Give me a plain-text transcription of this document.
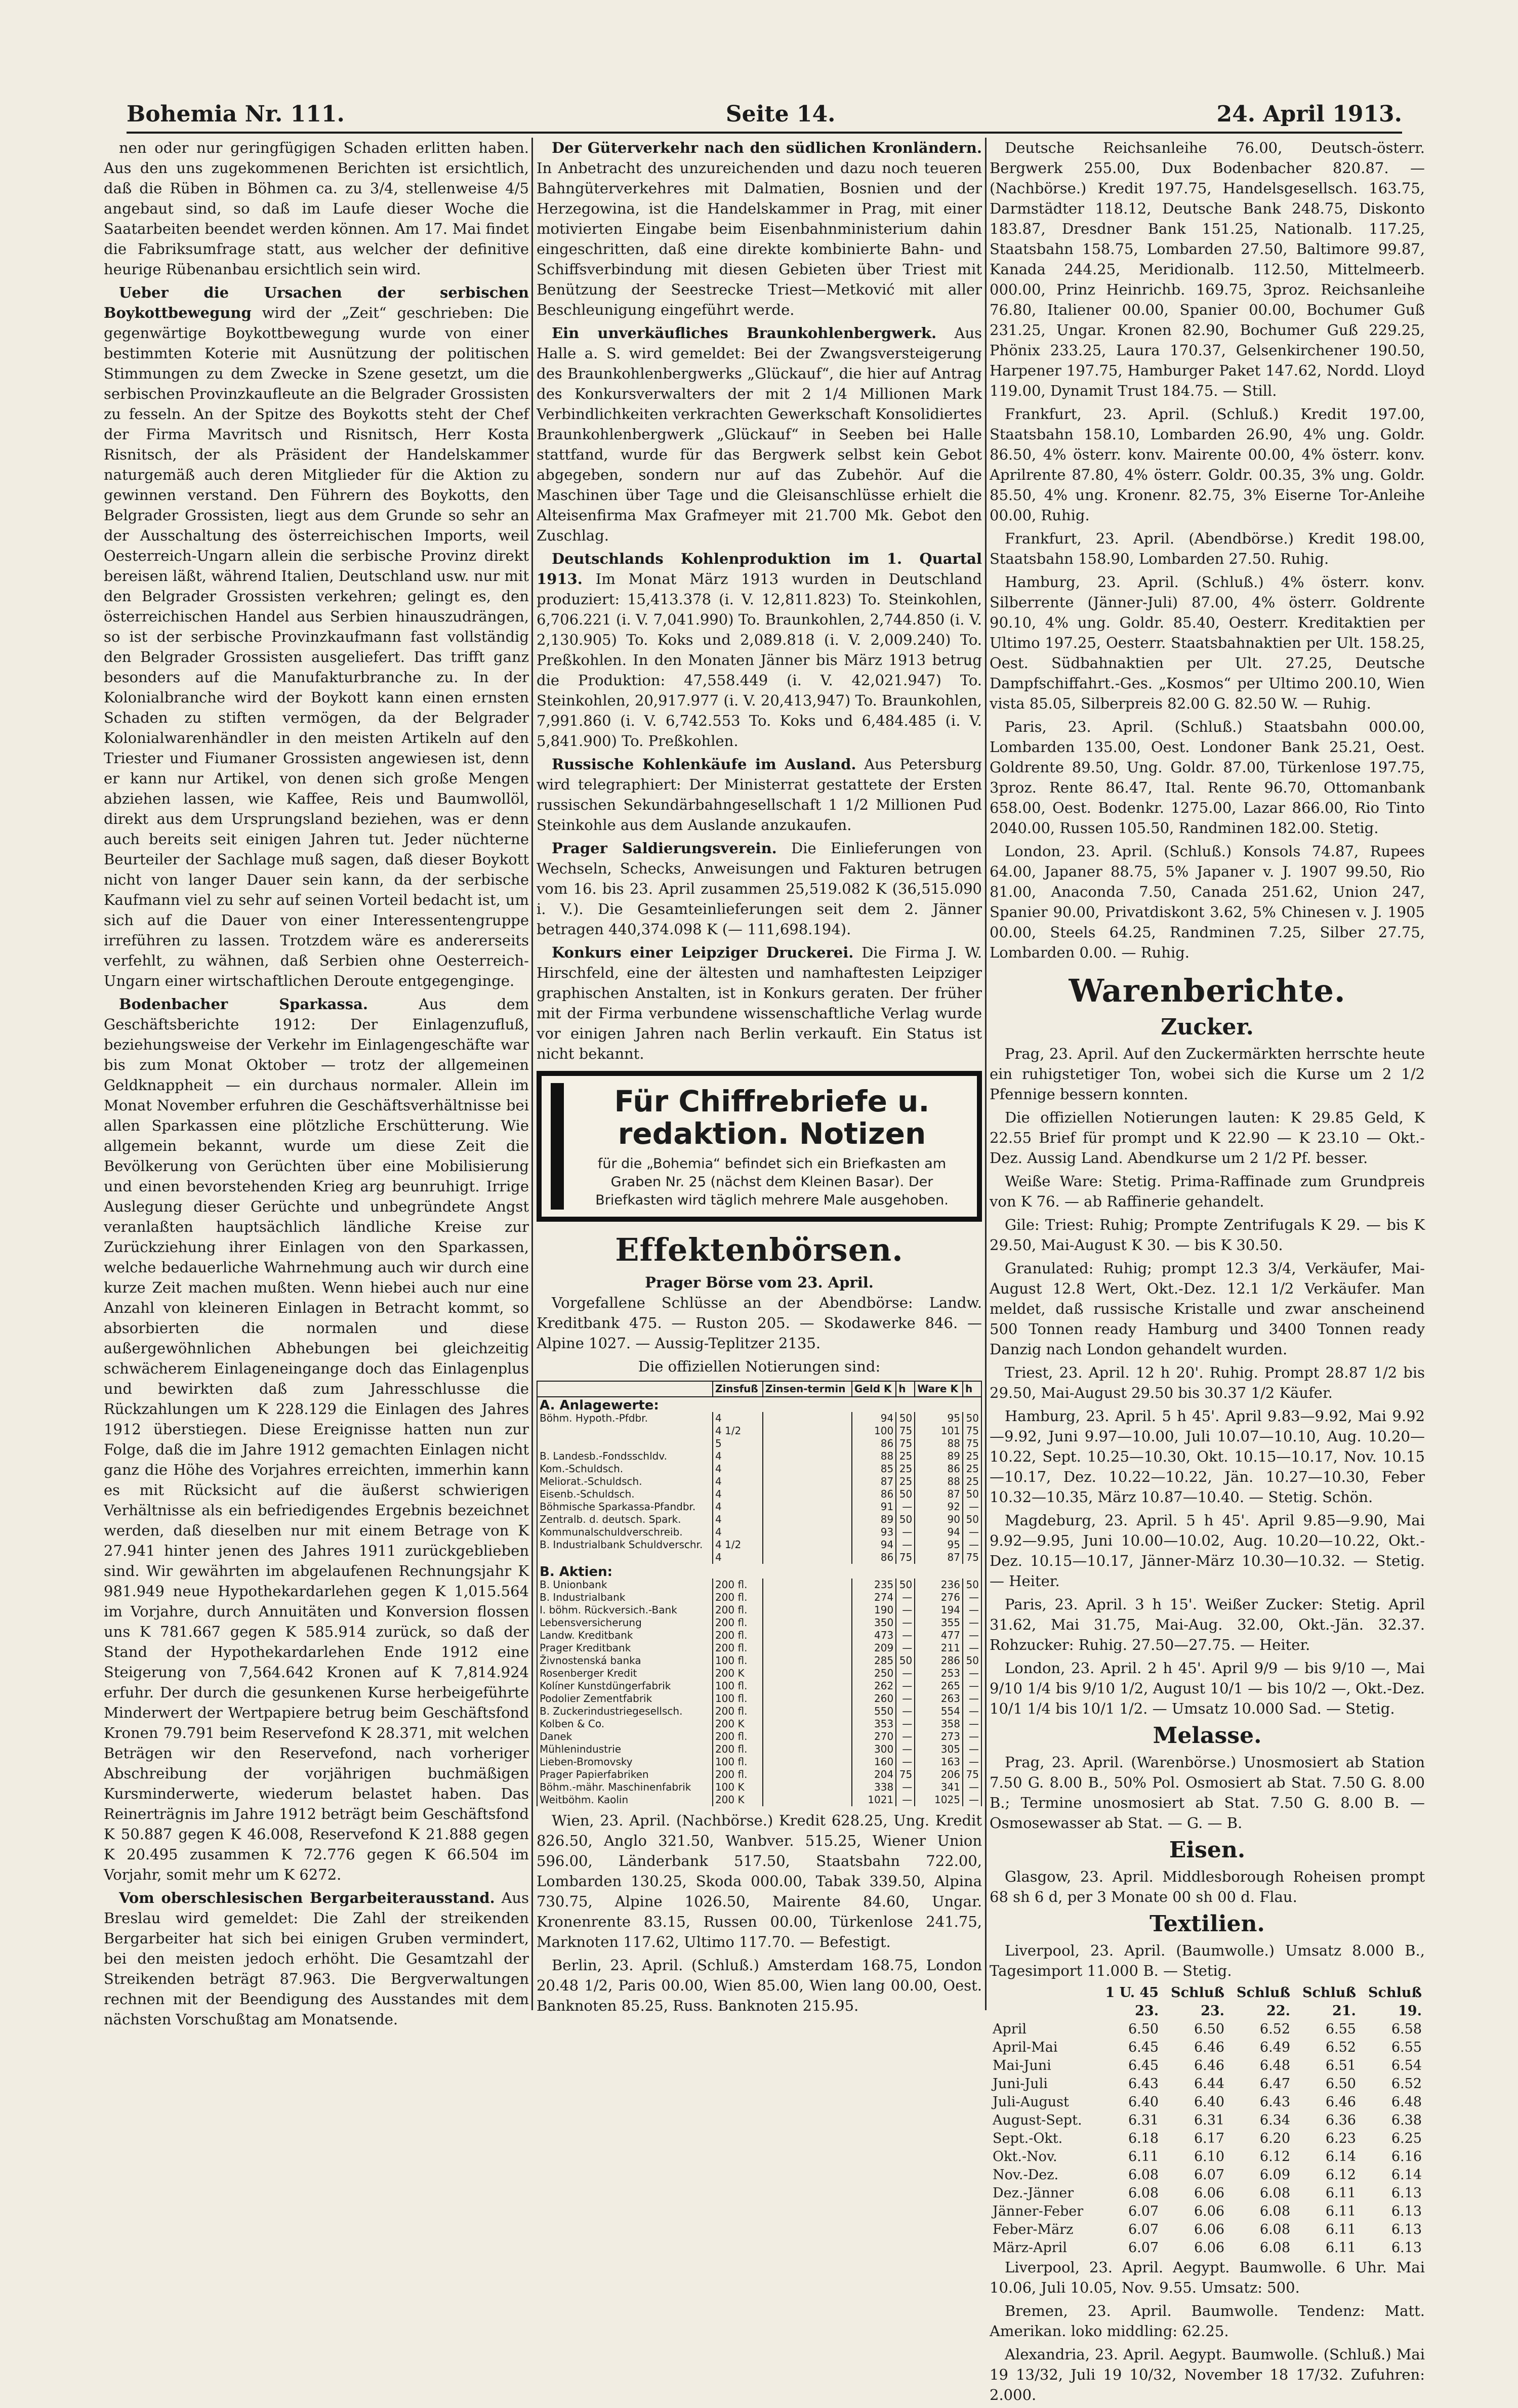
Bohemia Nr. 111.	Seite 14.	24. April 1913.

nen oder nur geringfügigen Schaden erlitten haben. Aus den uns zugekommenen Berichten ist ersichtlich, daß die Rüben in Böhmen ca. zu 3/4, stellenweise 4/5 angebaut sind, so daß im Laufe dieser Woche die Saatarbeiten beendet werden können. Am 17. Mai findet die Fabriksumfrage statt, aus welcher der definitive heurige Rübenanbau ersichtlich sein wird.

Ueber die Ursachen der serbischen Boykottbewegung wird der „Zeit“ geschrieben: Die gegenwärtige Boykottbewegung wurde von einer bestimmten Koterie mit Ausnützung der politischen Stimmungen zu dem Zwecke in Szene gesetzt, um die serbischen Provinzkaufleute an die Belgrader Grossisten zu fesseln. An der Spitze des Boykotts steht der Chef der Firma Mavritsch und Risnitsch, Herr Kosta Risnitsch, der als Präsident der Handelskammer naturgemäß auch deren Mitglieder für die Aktion zu gewinnen verstand. Den Führern des Boykotts, den Belgrader Grossisten, liegt aus dem Grunde so sehr an der Ausschaltung des österreichischen Imports, weil Oesterreich-Ungarn allein die serbische Provinz direkt bereisen läßt, während Italien, Deutschland usw. nur mit den Belgrader Grossisten verkehren; gelingt es, den österreichischen Handel aus Serbien hinauszudrängen, so ist der serbische Provinzkaufmann fast vollständig den Belgrader Grossisten ausgeliefert. Das trifft ganz besonders auf die Manufakturbranche zu. In der Kolonialbranche wird der Boykott kann einen ernsten Schaden zu stiften vermögen, da der Belgrader Kolonialwarenhändler in den meisten Artikeln auf den Triester und Fiumaner Grossisten angewiesen ist, denn er kann nur Artikel, von denen sich große Mengen abziehen lassen, wie Kaffee, Reis und Baumwollöl, direkt aus dem Ursprungsland beziehen, was er denn auch bereits seit einigen Jahren tut. Jeder nüchterne Beurteiler der Sachlage muß sagen, daß dieser Boykott nicht von langer Dauer sein kann, da der serbische Kaufmann viel zu sehr auf seinen Vorteil bedacht ist, um sich auf die Dauer von einer Interessentengruppe irreführen zu lassen. Trotzdem wäre es andererseits verfehlt, zu wähnen, daß Serbien ohne Oesterreich-Ungarn einer wirtschaftlichen Deroute entgegenginge.

Bodenbacher Sparkassa.	Aus dem Geschäftsberichte 1912: Der Einlagenzufluß, beziehungsweise der Verkehr im Einlagengeschäfte war bis zum Monat Oktober — trotz der allgemeinen Geldknappheit — ein durchaus normaler. Allein im Monat November erfuhren die Geschäftsverhältnisse bei allen Sparkassen eine plötzliche Erschütterung. Wie allgemein bekannt, wurde um diese Zeit die Bevölkerung von Gerüchten über eine Mobilisierung und einen bevorstehenden Krieg arg beunruhigt. Irrige Auslegung dieser Gerüchte und unbegründete Angst veranlaßten hauptsächlich ländliche Kreise zur Zurückziehung ihrer Einlagen von den Sparkassen, welche bedauerliche Wahrnehmung auch wir durch eine kurze Zeit machen mußten. Wenn hiebei auch nur eine Anzahl von kleineren Einlagen in Betracht kommt, so absorbierten die normalen und diese außergewöhnlichen Abhebungen bei gleichzeitig schwächerem Einlageneingange doch das Einlagenplus und bewirkten daß zum Jahresschlusse die Rückzahlungen um K 228.129 die Einlagen des Jahres 1912 überstiegen. Diese Ereignisse hatten nun zur Folge, daß die im Jahre 1912 gemachten Einlagen nicht ganz die Höhe des Vorjahres erreichten, immerhin kann es mit Rücksicht auf die äußerst schwierigen Verhältnisse als ein befriedigendes Ergebnis bezeichnet werden, daß dieselben nur mit einem Betrage von K 27.941 hinter jenen des Jahres 1911 zurückgeblieben sind. Wir gewährten im abgelaufenen Rechnungsjahr K 981.949 neue Hypothekardarlehen gegen K 1,015.564 im Vorjahre, durch Annuitäten und Konversion flossen uns K 781.667 gegen K 585.914 zurück, so daß der Stand der Hypothekardarlehen Ende 1912 eine Steigerung von 7,564.642 Kronen auf K 7,814.924 erfuhr. Der durch die gesunkenen Kurse herbeigeführte Minderwert der Wertpapiere betrug beim Geschäftsfond Kronen 79.791 beim Reservefond K 28.371, mit welchen Beträgen wir den Reservefond, nach vorheriger Abschreibung der vorjährigen buchmäßigen Kursminderwerte, wiederum belastet haben. Das Reinerträgnis im Jahre 1912 beträgt beim Geschäftsfond K 50.887 gegen K 46.008, Reservefond K 21.888 gegen K 20.495 zusammen K 72.776 gegen K 66.504 im Vorjahr, somit mehr um K 6272.

Vom oberschlesischen Bergarbeiterausstand. Aus Breslau wird gemeldet: Die Zahl der streikenden Bergarbeiter hat sich bei einigen Gruben vermindert, bei den meisten jedoch erhöht. Die Gesamtzahl der Streikenden beträgt 87.963. Die Bergverwaltungen rechnen mit der Beendigung des Ausstandes mit dem nächsten Vorschußtag am Monatsende.

Der Güterverkehr nach den südlichen Kronländern. In Anbetracht des unzureichenden und dazu noch teueren Bahngüterverkehres mit Dalmatien, Bosnien und der Herzegowina, ist die Handelskammer in Prag, mit einer motivierten Eingabe beim Eisenbahnministerium dahin eingeschritten, daß eine direkte kombinierte Bahn- und Schiffsverbindung mit diesen Gebieten über Triest mit Benützung der Seestrecke Triest—Metković mit aller Beschleunigung eingeführt werde.

Ein unverkäufliches Braunkohlenbergwerk. Aus Halle a. S. wird gemeldet: Bei der Zwangsversteigerung des Braunkohlenbergwerks „Glückauf“, die hier auf Antrag des Konkursverwalters der mit 2 1/4 Millionen Mark Verbindlichkeiten verkrachten Gewerkschaft Konsolidiertes Braunkohlenbergwerk „Glückauf“ in Seeben bei Halle stattfand, wurde für das Bergwerk selbst kein Gebot abgegeben, sondern nur auf das Zubehör. Auf die Maschinen über Tage und die Gleisanschlüsse erhielt die Alteisenfirma Max Grafmeyer mit 21.700 Mk. Gebot den Zuschlag.

Deutschlands Kohlenproduktion im 1. Quartal 1913. Im Monat März 1913 wurden in Deutschland produziert: 15,413.378 (i. V. 12,811.823) To. Steinkohlen, 6,706.221 (i. V. 7,041.990) To. Braunkohlen, 2,744.850 (i. V. 2,130.905) To. Koks und 2,089.818 (i. V. 2,009.240) To. Preßkohlen. In den Monaten Jänner bis März 1913 betrug die Produktion: 47,558.449 (i. V. 42,021.947) To. Steinkohlen, 20,917.977 (i. V. 20,413,947) To. Braunkohlen, 7,991.860 (i. V. 6,742.553 To. Koks und 6,484.485 (i. V. 5,841.900) To. Preßkohlen.

Russische Kohlenkäufe im Ausland. Aus Petersburg wird telegraphiert: Der Ministerrat gestattete der Ersten russischen Sekundärbahngesellschaft 1 1/2 Millionen Pud Steinkohle aus dem Auslande anzukaufen.

Prager Saldierungsverein. Die Einlieferungen von Wechseln, Schecks, Anweisungen und Fakturen betrugen vom 16. bis 23. April zusammen 25,519.082 K (36,515.090 i. V.). Die Gesamteinlieferungen seit dem 2. Jänner betragen 440,374.098 K (— 111,698.194).

Konkurs einer Leipziger Druckerei. Die Firma J. W. Hirschfeld, eine der ältesten und namhaftesten Leipziger graphischen Anstalten, ist in Konkurs geraten. Der früher mit der Firma verbundene wissenschaftliche Verlag wurde vor einigen Jahren nach Berlin verkauft. Ein Status ist nicht bekannt.

Für Chiffrebriefe u. redaktion. Notizen
für die „Bohemia“ befindet sich ein Briefkasten am Graben Nr. 25 (nächst dem Kleinen Basar). Der Briefkasten wird täglich mehrere Male ausgehoben.
Effektenbörsen.
Prager Börse vom 23. April.

Vorgefallene Schlüsse an der Abendbörse: Landw. Kreditbank 475. — Ruston 205. — Skodawerke 846. — Alpine 1027. — Aussig-Teplitzer 2135.

Die offiziellen Notierungen sind:

	Zinsfuß	Zinsen-termin	Geld K	h	Ware K	h
A. Anlagewerte:						
Böhm. Hypoth.-Pfdbr.	4		94	50	95	50
	4 1/2		100	75	101	75
	5		86	75	88	75
B. Landesb.-Fondsschldv.	4		88	25	89	25
Kom.-Schuldsch.	4		85	25	86	25
Meliorat.-Schuldsch.	4		87	25	88	25
Eisenb.-Schuldsch.	4		86	50	87	50
Böhmische Sparkassa-Pfandbr.	4		91	—	92	—
Zentralb. d. deutsch. Spark.	4		89	50	90	50
Kommunalschuldverschreib.	4		93	—	94	—
B. Industrialbank Schuldverschr.	4 1/2		94	—	95	—
	4		86	75	87	75
B. Aktien:						
B. Unionbank	200 fl.		235	50	236	50
B. Industrialbank	200 fl.		274	—	276	—
I. böhm. Rückversich.-Bank	200 fl.		190	—	194	—
Lebensversicherung	200 fl.		350	—	355	—
Landw. Kreditbank	200 fl.		473	—	477	—
Prager Kreditbank	200 fl.		209	—	211	—
Živnostenská banka	100 fl.		285	50	286	50
Rosenberger Kredit	200 K		250	—	253	—
Kolíner Kunstdüngerfabrik	100 fl.		262	—	265	—
Podolier Zementfabrik	100 fl.		260	—	263	—
B. Zuckerindustriegesellsch.	200 fl.		550	—	554	—
Kolben & Co.	200 K		353	—	358	—
Danek	200 fl.		270	—	273	—
Mühlenindustrie	200 fl.		300	—	305	—
Lieben-Bromovsky	100 fl.		160	—	163	—
Prager Papierfabriken	200 fl.		204	75	206	75
Böhm.-mähr. Maschinenfabrik	100 K		338	—	341	—
Weitböhm. Kaolin	200 K		1021	—	1025	—

Wien, 23. April. (Nachbörse.) Kredit 628.25, Ung. Kredit 826.50, Anglo 321.50, Wanbver. 515.25, Wiener Union 596.00, Länderbank 517.50, Staatsbahn 722.00, Lombarden 130.25, Skoda 000.00, Tabak 339.50, Alpina 730.75, Alpine 1026.50, Mairente 84.60, Ungar. Kronenrente 83.15, Russen 00.00, Türkenlose 241.75, Marknoten 117.62, Ultimo 117.70. — Befestigt.

Berlin, 23. April. (Schluß.) Amsterdam 168.75, London 20.48 1/2, Paris 00.00, Wien 85.00, Wien lang 00.00, Oest. Banknoten 85.25, Russ. Banknoten 215.95.

Deutsche Reichsanleihe 76.00, Deutsch-österr. Bergwerk 255.00, Dux Bodenbacher 820.87. — (Nachbörse.) Kredit 197.75, Handelsgesellsch. 163.75, Darmstädter 118.12, Deutsche Bank 248.75, Diskonto 183.87, Dresdner Bank 151.25, Nationalb. 117.25, Staatsbahn 158.75, Lombarden 27.50, Baltimore 99.87, Kanada 244.25, Meridionalb. 112.50, Mittelmeerb. 000.00, Prinz Heinrichb. 169.75, 3proz. Reichsanleihe 76.80, Italiener 00.00, Spanier 00.00, Bochumer Guß 231.25, Ungar. Kronen 82.90, Bochumer Guß 229.25, Phönix 233.25, Laura 170.37, Gelsenkirchener 190.50, Harpener 197.75, Hamburger Paket 147.62, Nordd. Lloyd 119.00, Dynamit Trust 184.75. — Still.

Frankfurt, 23. April. (Schluß.) Kredit 197.00, Staatsbahn 158.10, Lombarden 26.90, 4% ung. Goldr. 86.50, 4% österr. konv. Mairente 00.00, 4% österr. konv. Aprilrente 87.80, 4% österr. Goldr. 00.35, 3% ung. Goldr. 85.50, 4% ung. Kronenr. 82.75, 3% Eiserne Tor-Anleihe 00.00, Ruhig.

Frankfurt, 23. April. (Abendbörse.) Kredit 198.00, Staatsbahn 158.90, Lombarden 27.50. Ruhig.

Hamburg, 23. April. (Schluß.) 4% österr. konv. Silberrente (Jänner-Juli) 87.00, 4% österr. Goldrente 90.10, 4% ung. Goldr. 85.40, Oesterr. Kreditaktien per Ultimo 197.25, Oesterr. Staatsbahnaktien per Ult. 158.25, Oest. Südbahnaktien per Ult. 27.25, Deutsche Dampfschiffahrt.-Ges. „Kosmos“ per Ultimo 200.10, Wien vista 85.05, Silberpreis 82.00 G. 82.50 W. — Ruhig.

Paris, 23. April. (Schluß.) Staatsbahn 000.00, Lombarden 135.00, Oest. Londoner Bank 25.21, Oest. Goldrente 89.50, Ung. Goldr. 87.00, Türkenlose 197.75, 3proz. Rente 86.47, Ital. Rente 96.70, Ottomanbank 658.00, Oest. Bodenkr. 1275.00, Lazar 866.00, Rio Tinto 2040.00, Russen 105.50, Randminen 182.00. Stetig.

London, 23. April. (Schluß.) Konsols 74.87, Rupees 64.00, Japaner 88.75, 5% Japaner v. J. 1907 99.50, Rio 81.00, Anaconda 7.50, Canada 251.62, Union 247, Spanier 90.00, Privatdiskont 3.62, 5% Chinesen v. J. 1905 00.00, Steels 64.25, Randminen 7.25, Silber 27.75, Lombarden 0.00. — Ruhig.

Warenberichte.
Zucker.

Prag, 23. April. Auf den Zuckermärkten herrschte heute ein ruhigstetiger Ton, wobei sich die Kurse um 2 1/2 Pfennige bessern konnten.

Die offiziellen Notierungen lauten: K 29.85 Geld, K 22.55 Brief für prompt und K 22.90 — K 23.10 — Okt.-Dez. Aussig Land. Abendkurse um 2 1/2 Pf. besser.

Weiße Ware: Stetig. Prima-Raffinade zum Grundpreis von K 76. — ab Raffinerie gehandelt.

Gile: Triest: Ruhig; Prompte Zentrifugals K 29. — bis K 29.50, Mai-August K 30. — bis K 30.50.

Granulated: Ruhig; prompt 12.3 3/4, Verkäufer, Mai-August 12.8 Wert, Okt.-Dez. 12.1 1/2 Verkäufer. Man meldet, daß russische Kristalle und zwar anscheinend 500 Tonnen ready Hamburg und 3400 Tonnen ready Danzig nach London gehandelt wurden.

Triest, 23. April. 12 h 20'. Ruhig. Prompt 28.87 1/2 bis 29.50, Mai-August 29.50 bis 30.37 1/2 Käufer.

Hamburg, 23. April. 5 h 45'. April 9.83—9.92, Mai 9.92—9.92, Juni 9.97—10.00, Juli 10.07—10.10, Aug. 10.20—10.22, Sept. 10.25—10.30, Okt. 10.15—10.17, Nov. 10.15—10.17, Dez. 10.22—10.22, Jän. 10.27—10.30, Feber 10.32—10.35, März 10.87—10.40. — Stetig. Schön.

Magdeburg, 23. April. 5 h 45'. April 9.85—9.90, Mai 9.92—9.95, Juni 10.00—10.02, Aug. 10.20—10.22, Okt.-Dez. 10.15—10.17, Jänner-März 10.30—10.32. — Stetig. — Heiter.

Paris, 23. April. 3 h 15'. Weißer Zucker: Stetig. April 31.62, Mai 31.75, Mai-Aug. 32.00, Okt.-Jän. 32.37. Rohzucker: Ruhig. 27.50—27.75. — Heiter.

London, 23. April. 2 h 45'. April 9/9 — bis 9/10 —, Mai 9/10 1/4 bis 9/10 1/2, August 10/1 — bis 10/2 —, Okt.-Dez. 10/1 1/4 bis 10/1 1/2. — Umsatz 10.000 Sad. — Stetig.

Melasse.

Prag, 23. April. (Warenbörse.) Unosmosiert ab Station 7.50 G. 8.00 B., 50% Pol. Osmosiert ab Stat. 7.50 G. 8.00 B.; Termine unosmosiert ab Stat. 7.50 G. 8.00 B. — Osmosewasser ab Stat. — G. — B.

Eisen.

Glasgow, 23. April. Middlesborough Roheisen prompt 68 sh 6 d, per 3 Monate 00 sh 00 d. Flau.

Textilien.

Liverpool, 23. April. (Baumwolle.) Umsatz 8.000 B., Tagesimport 11.000 B. — Stetig.

	1 U. 45	Schluß	Schluß	Schluß	Schluß
	23.	23.	22.	21.	19.
April	6.50	6.50	6.52	6.55	6.58
April-Mai	6.45	6.46	6.49	6.52	6.55
Mai-Juni	6.45	6.46	6.48	6.51	6.54
Juni-Juli	6.43	6.44	6.47	6.50	6.52
Juli-August	6.40	6.40	6.43	6.46	6.48
August-Sept.	6.31	6.31	6.34	6.36	6.38
Sept.-Okt.	6.18	6.17	6.20	6.23	6.25
Okt.-Nov.	6.11	6.10	6.12	6.14	6.16
Nov.-Dez.	6.08	6.07	6.09	6.12	6.14
Dez.-Jänner	6.08	6.06	6.08	6.11	6.13
Jänner-Feber	6.07	6.06	6.08	6.11	6.13
Feber-März	6.07	6.06	6.08	6.11	6.13
März-April	6.07	6.06	6.08	6.11	6.13

Liverpool, 23. April. Aegypt. Baumwolle. 6 Uhr. Mai 10.06, Juli 10.05, Nov. 9.55. Umsatz: 500.

Bremen, 23. April. Baumwolle. Tendenz: Matt. Amerikan. loko middling: 62.25.

Alexandria, 23. April. Aegypt. Baumwolle. (Schluß.) Mai 19 13/32, Juli 19 10/32, November 18 17/32. Zufuhren: 2.000.
